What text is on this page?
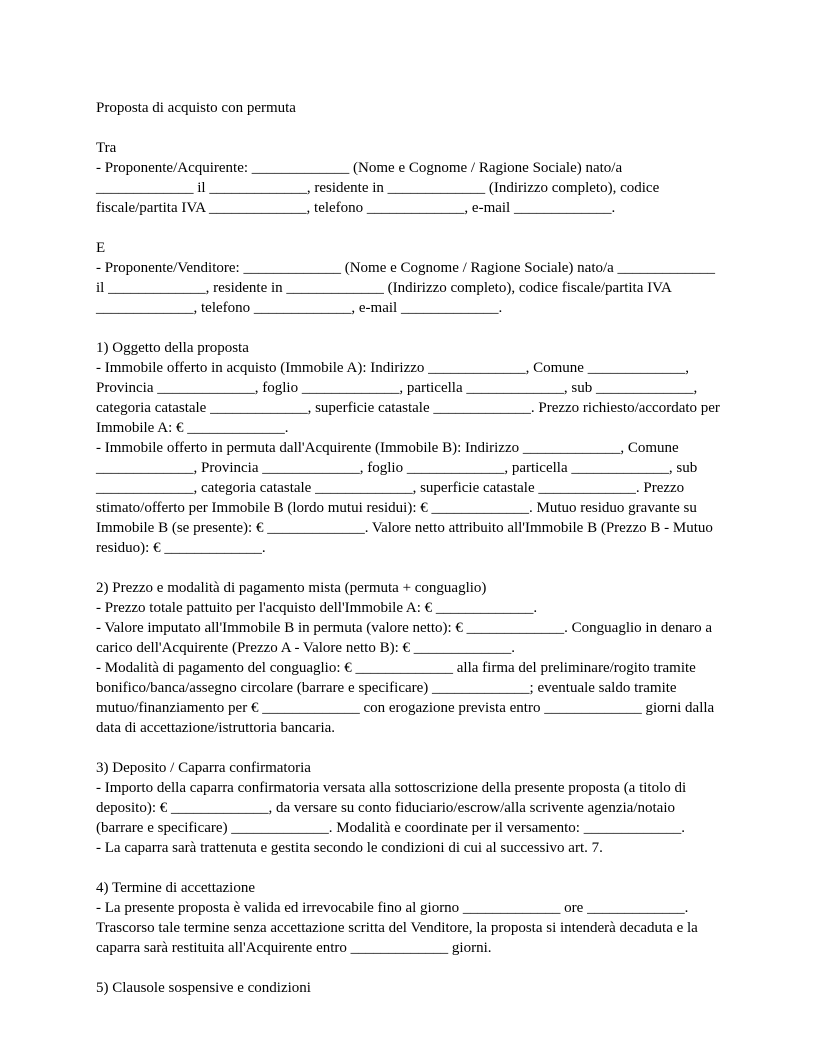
Proposta di acquisto con permuta

Tra

- Proponente/Acquirente: _____________ (Nome e Cognome / Ragione Sociale) nato/a _____________ il _____________, residente in _____________ (Indirizzo completo), codice fiscale/partita IVA _____________, telefono _____________, e-mail _____________.

E

- Proponente/Venditore: _____________ (Nome e Cognome / Ragione Sociale) nato/a _____________ il _____________, residente in _____________ (Indirizzo completo), codice fiscale/partita IVA _____________, telefono _____________, e-mail _____________.

1) Oggetto della proposta

- Immobile offerto in acquisto (Immobile A): Indirizzo _____________, Comune _____________, Provincia _____________, foglio _____________, particella _____________, sub _____________, categoria catastale _____________, superficie catastale _____________. Prezzo richiesto/accordato per Immobile A: € _____________.

- Immobile offerto in permuta dall'Acquirente (Immobile B): Indirizzo _____________, Comune _____________, Provincia _____________, foglio _____________, particella _____________, sub _____________, categoria catastale _____________, superficie catastale _____________. Prezzo stimato/offerto per Immobile B (lordo mutui residui): € _____________. Mutuo residuo gravante su Immobile B (se presente): € _____________. Valore netto attribuito all'Immobile B (Prezzo B - Mutuo residuo): € _____________.

2) Prezzo e modalità di pagamento mista (permuta + conguaglio)

- Prezzo totale pattuito per l'acquisto dell'Immobile A: € _____________.

- Valore imputato all'Immobile B in permuta (valore netto): € _____________. Conguaglio in denaro a carico dell'Acquirente (Prezzo A - Valore netto B): € _____________.

- Modalità di pagamento del conguaglio: € _____________ alla firma del preliminare/rogito tramite bonifico/banca/assegno circolare (barrare e specificare) _____________; eventuale saldo tramite mutuo/finanziamento per € _____________ con erogazione prevista entro _____________ giorni dalla data di accettazione/istruttoria bancaria.

3) Deposito / Caparra confirmatoria

- Importo della caparra confirmatoria versata alla sottoscrizione della presente proposta (a titolo di deposito): € _____________, da versare su conto fiduciario/escrow/alla scrivente agenzia/notaio (barrare e specificare) _____________. Modalità e coordinate per il versamento: _____________.

- La caparra sarà trattenuta e gestita secondo le condizioni di cui al successivo art. 7.

4) Termine di accettazione

- La presente proposta è valida ed irrevocabile fino al giorno _____________ ore _____________. Trascorso tale termine senza accettazione scritta del Venditore, la proposta si intenderà decaduta e la caparra sarà restituita all'Acquirente entro _____________ giorni.

5) Clausole sospensive e condizioni
